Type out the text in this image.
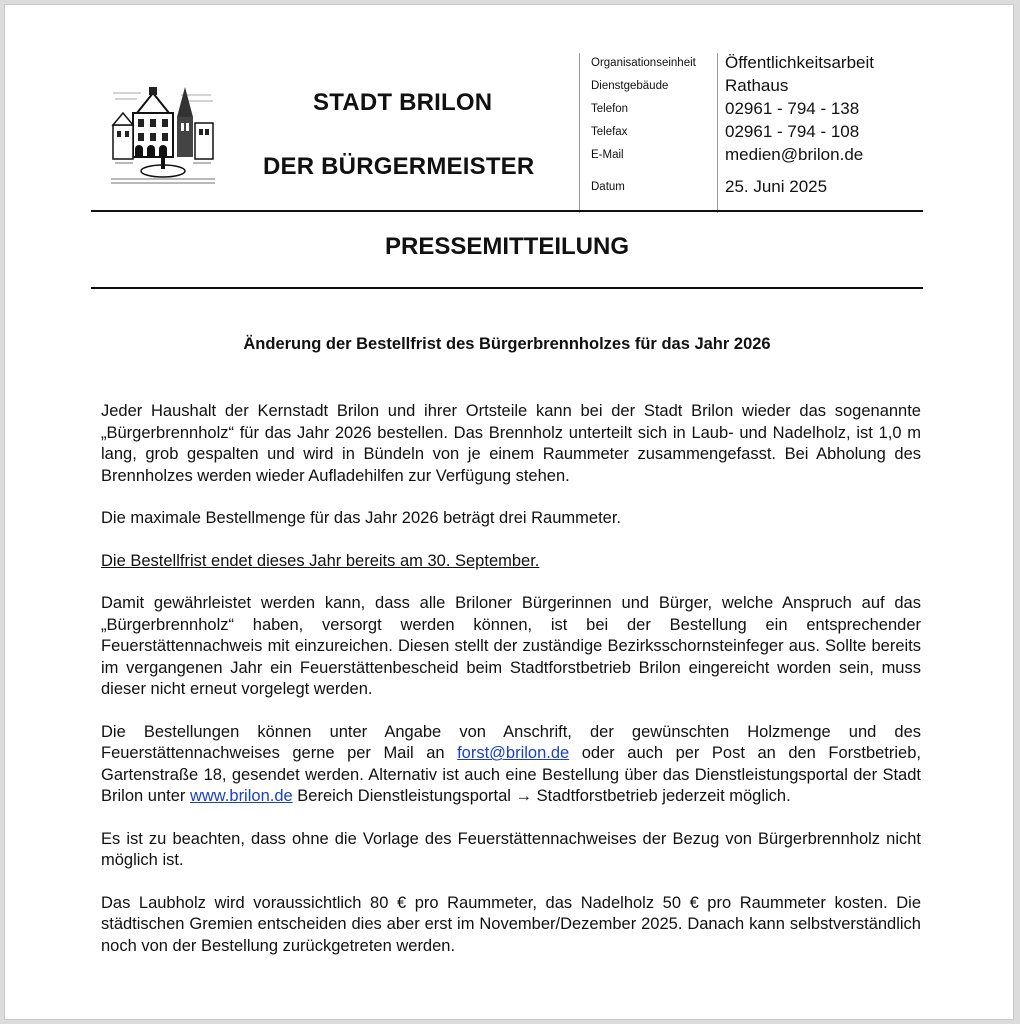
STADT BRILON
DER BÜRGERMEISTER
Organisationseinheit Öffentlichkeitsarbeit
Dienstgebäude	Rathaus
Telefon	02961 - 794 - 138
Telefax	02961 - 794 - 108
E-Mail	medien@brilon.de
Datum	25. Juni 2025
PRESSEMITTEILUNG
Änderung der Bestellfrist des Bürgerbrennholzes für das Jahr 2026

Jeder Haushalt der Kernstadt Brilon und ihrer Ortsteile kann bei der Stadt Brilon wieder das sogenannte „Bürgerbrennholz“ für das Jahr 2026 bestellen. Das Brennholz unterteilt sich in Laub- und Nadelholz, ist 1,0 m lang, grob gespalten und wird in Bündeln von je einem Raummeter zusammengefasst. Bei Abholung des Brennholzes werden wieder Aufladehilfen zur Verfügung stehen.

Die maximale Bestellmenge für das Jahr 2026 beträgt drei Raummeter.

Die Bestellfrist endet dieses Jahr bereits am 30. September.

Damit gewährleistet werden kann, dass alle Briloner Bürgerinnen und Bürger, welche Anspruch auf das „Bürgerbrennholz“ haben, versorgt werden können, ist bei der Bestellung ein entsprechender Feuerstättennachweis mit einzureichen. Diesen stellt der zuständige Bezirksschornsteinfeger aus. Sollte bereits im vergangenen Jahr ein Feuerstättenbescheid beim Stadtforstbetrieb Brilon eingereicht worden sein, muss dieser nicht erneut vorgelegt werden.

Die Bestellungen können unter Angabe von Anschrift, der gewünschten Holzmenge und des Feuerstättennachweises gerne per Mail an forst@brilon.de oder auch per Post an den Forstbetrieb, Gartenstraße 18, gesendet werden. Alternativ ist auch eine Bestellung über das Dienstleistungsportal der Stadt Brilon unter www.brilon.de Bereich Dienstleistungsportal → Stadtforstbetrieb jederzeit möglich.

Es ist zu beachten, dass ohne die Vorlage des Feuerstättennachweises der Bezug von Bürgerbrennholz nicht möglich ist.

Das Laubholz wird voraussichtlich 80 € pro Raummeter, das Nadelholz 50 € pro Raummeter kosten. Die städtischen Gremien entscheiden dies aber erst im November/Dezember 2025. Danach kann selbstverständlich noch von der Bestellung zurückgetreten werden.
